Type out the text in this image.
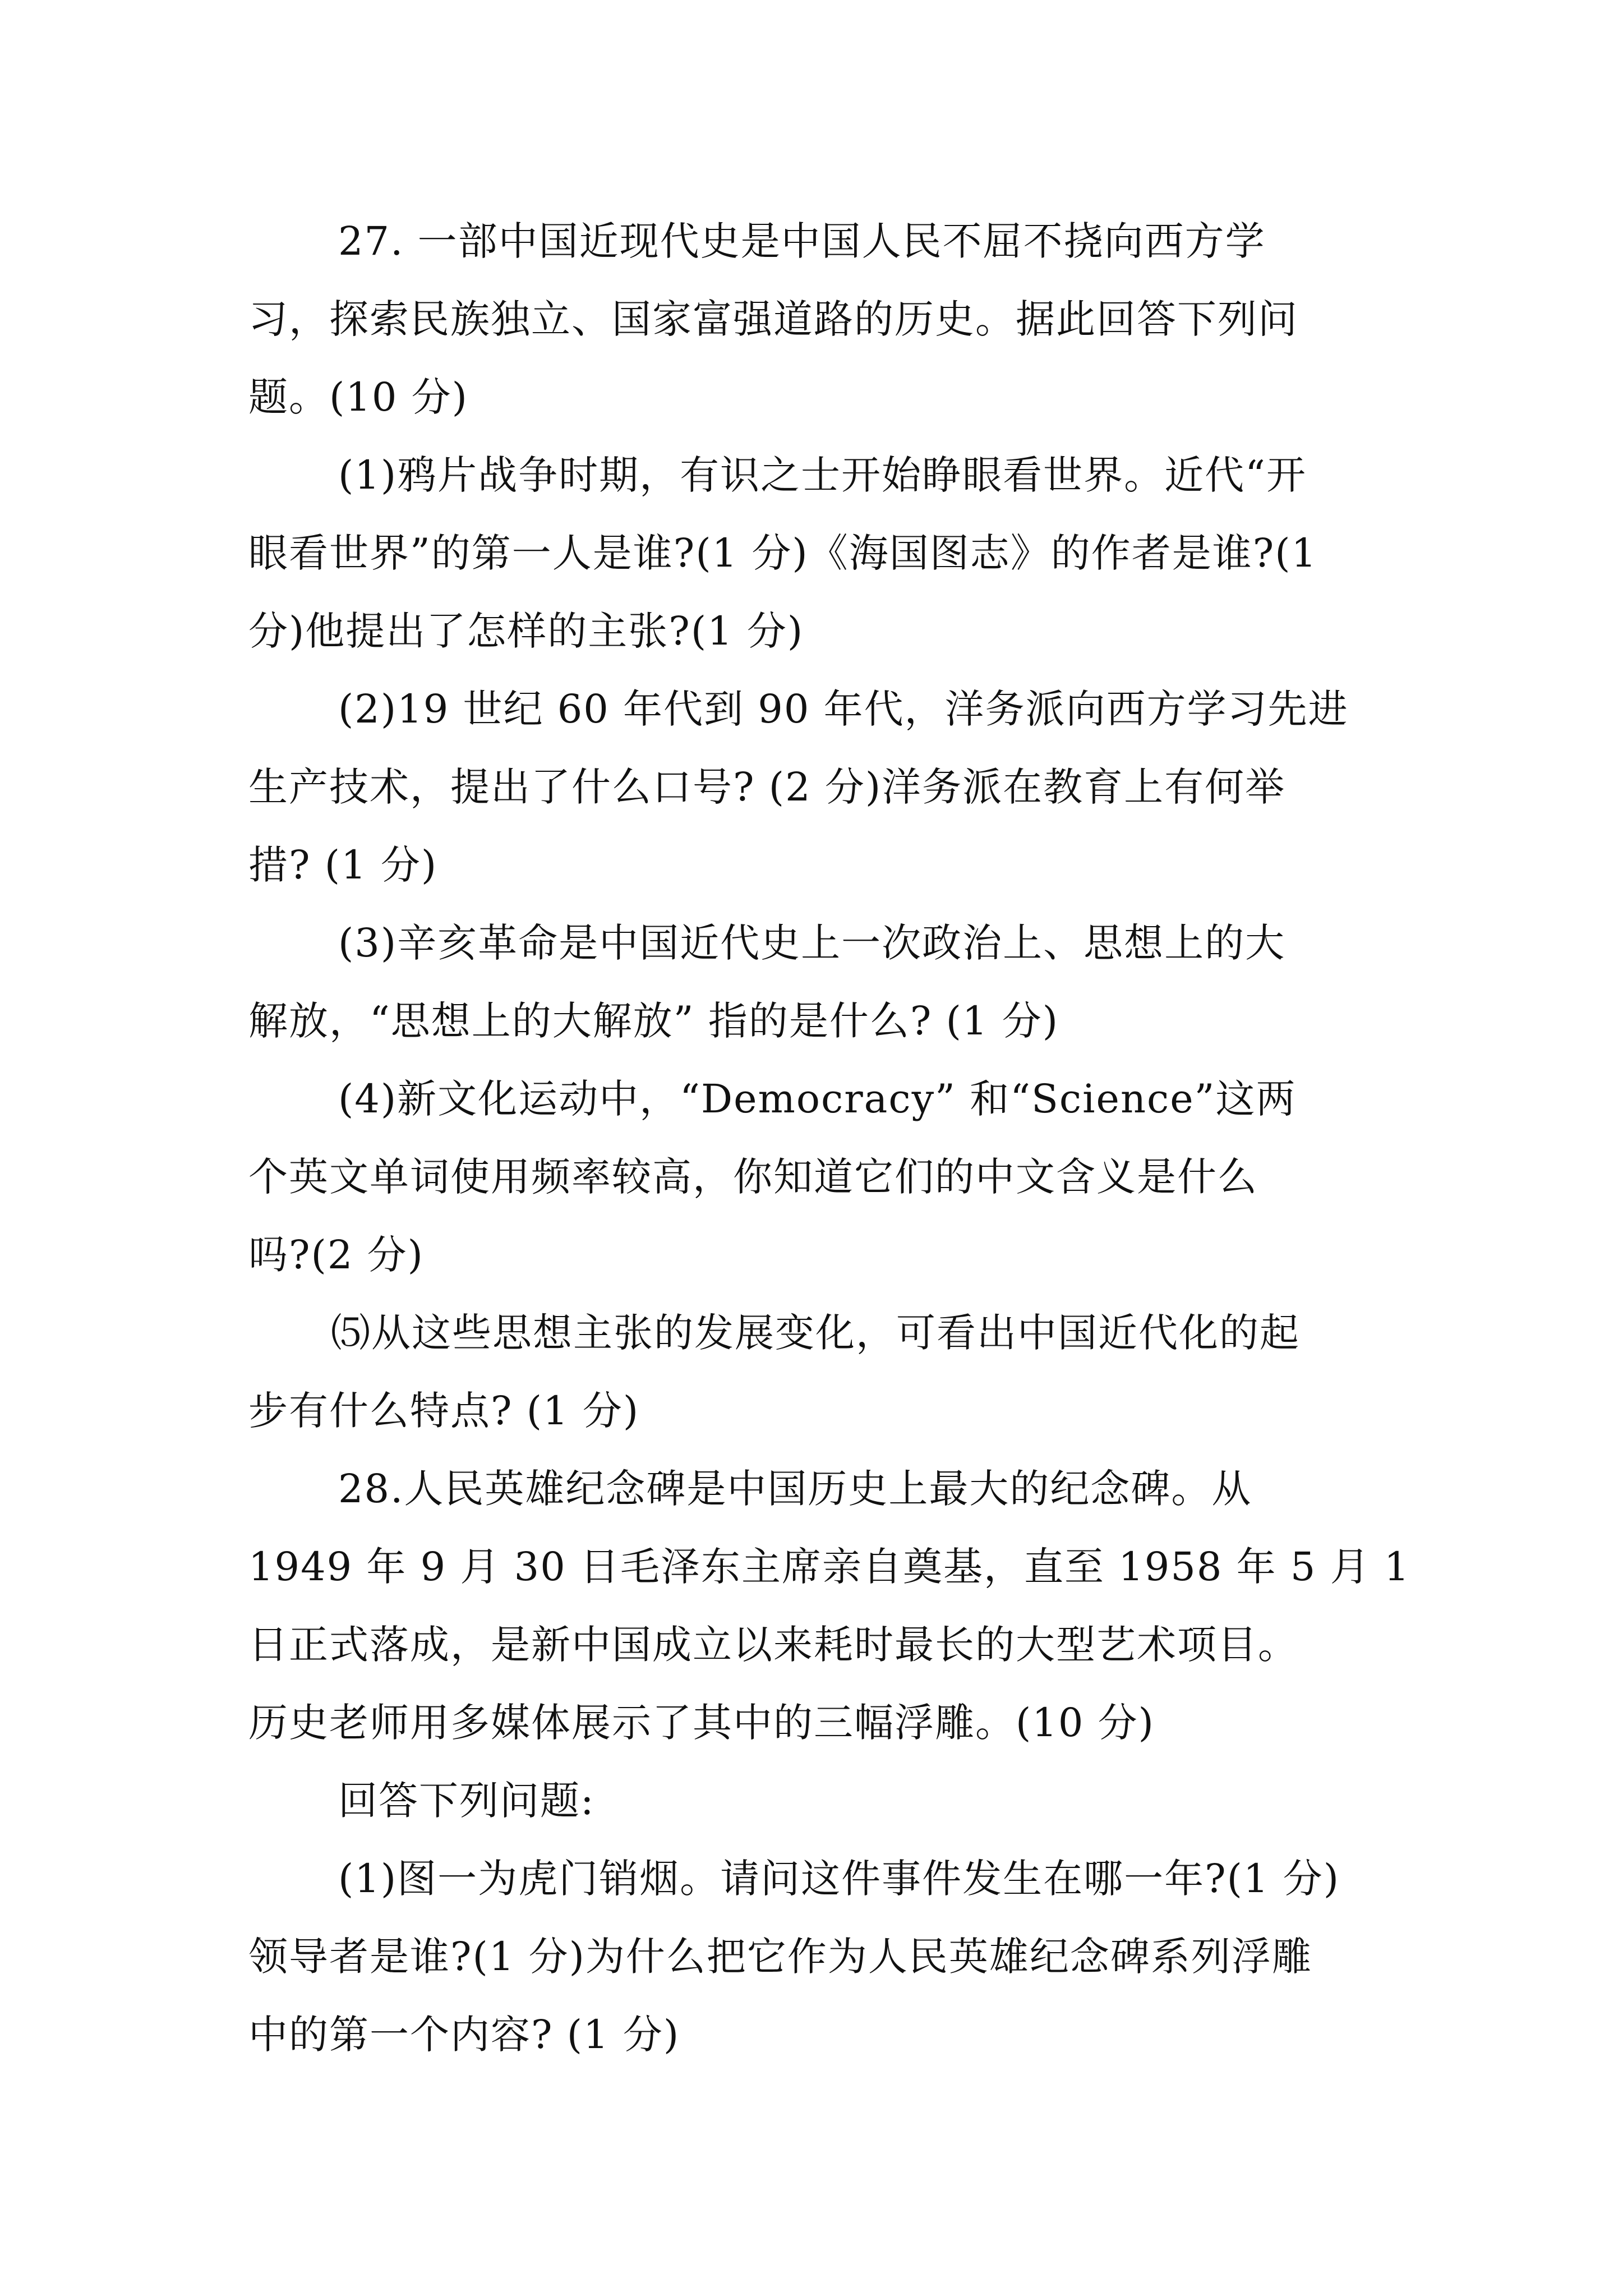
27. 一部中国近现代史是中国人民不屈不挠向西方学
习，探索民族独立、国家富强道路的历史。据此回答下列问
题。(10 分)
(1)鸦片战争时期，有识之士开始睁眼看世界。近代“开
眼看世界”的第一人是谁?(1 分)《海国图志》的作者是谁?(1
分)他提出了怎样的主张?(1 分)
(2)19 世纪 60 年代到 90 年代，洋务派向西方学习先进
生产技术，提出了什么口号? (2 分)洋务派在教育上有何举
措? (1 分)
(3)辛亥革命是中国近代史上一次政治上、思想上的大
解放，“思想上的大解放” 指的是什么? (1 分)
(4)新文化运动中，“Democracy” 和“Science”这两
个英文单词使用频率较高，你知道它们的中文含义是什么
吗?(2 分)
⑸从这些思想主张的发展变化，可看出中国近代化的起
步有什么特点? (1 分)
28.人民英雄纪念碑是中国历史上最大的纪念碑。从
1949 年 9 月 30 日毛泽东主席亲自奠基，直至 1958 年 5 月 1
日正式落成，是新中国成立以来耗时最长的大型艺术项目。
历史老师用多媒体展示了其中的三幅浮雕。(10 分)
回答下列问题:
(1)图一为虎门销烟。请问这件事件发生在哪一年?(1 分)
领导者是谁?(1 分)为什么把它作为人民英雄纪念碑系列浮雕
中的第一个内容? (1 分)
